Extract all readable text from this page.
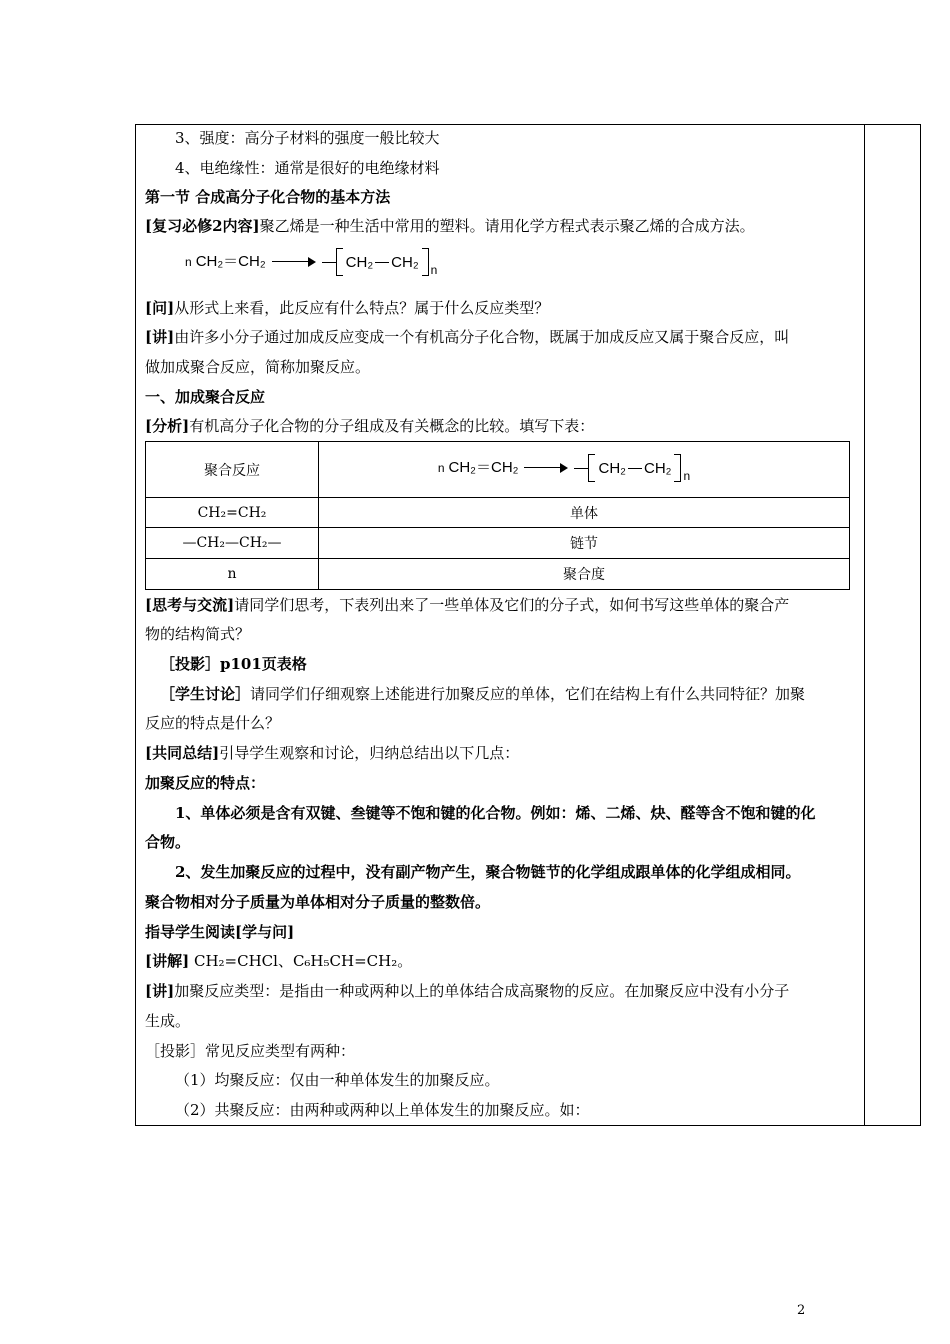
3、强度：高分子材料的强度一般比较大
4、电绝缘性：通常是很好的电绝缘材料
第一节 合成高分子化合物的基本方法
[复习必修2内容]聚乙烯是一种生活中常用的塑料。请用化学方程式表示聚乙烯的合成方法。
n CH₂＝CH₂	CH₂ CH₂ $_n$
[问]从形式上来看，此反应有什么特点？属于什么反应类型？
[讲]由许多小分子通过加成反应变成一个有机高分子化合物，既属于加成反应又属于聚合反应，叫
做加成聚合反应，简称加聚反应。
一、加成聚合反应
[分析]有机高分子化合物的分子组成及有关概念的比较。填写下表：
聚合反应	n CH₂＝CH₂ CH₂ CH₂ $_n$
CH₂=CH₂	单体
—CH₂—CH₂—	链节
n	聚合度
[思考与交流]请同学们思考，下表列出来了一些单体及它们的分子式，如何书写这些单体的聚合产
物的结构简式？
［投影］p101页表格
［学生讨论］请同学们仔细观察上述能进行加聚反应的单体，它们在结构上有什么共同特征？加聚
反应的特点是什么？
[共同总结]引导学生观察和讨论，归纳总结出以下几点：
加聚反应的特点：
1、单体必须是含有双键、叁键等不饱和键的化合物。例如：烯、二烯、炔、醛等含不饱和键的化
合物。
2、发生加聚反应的过程中，没有副产物产生，聚合物链节的化学组成跟单体的化学组成相同。
聚合物相对分子质量为单体相对分子质量的整数倍。
指导学生阅读[学与问]
[讲解] CH₂=CHCl、C₆H₅CH=CH₂。
[讲]加聚反应类型：是指由一种或两种以上的单体结合成高聚物的反应。在加聚反应中没有小分子
生成。
［投影］常见反应类型有两种：
（1）均聚反应：仅由一种单体发生的加聚反应。
（2）共聚反应：由两种或两种以上单体发生的加聚反应。如：
2
